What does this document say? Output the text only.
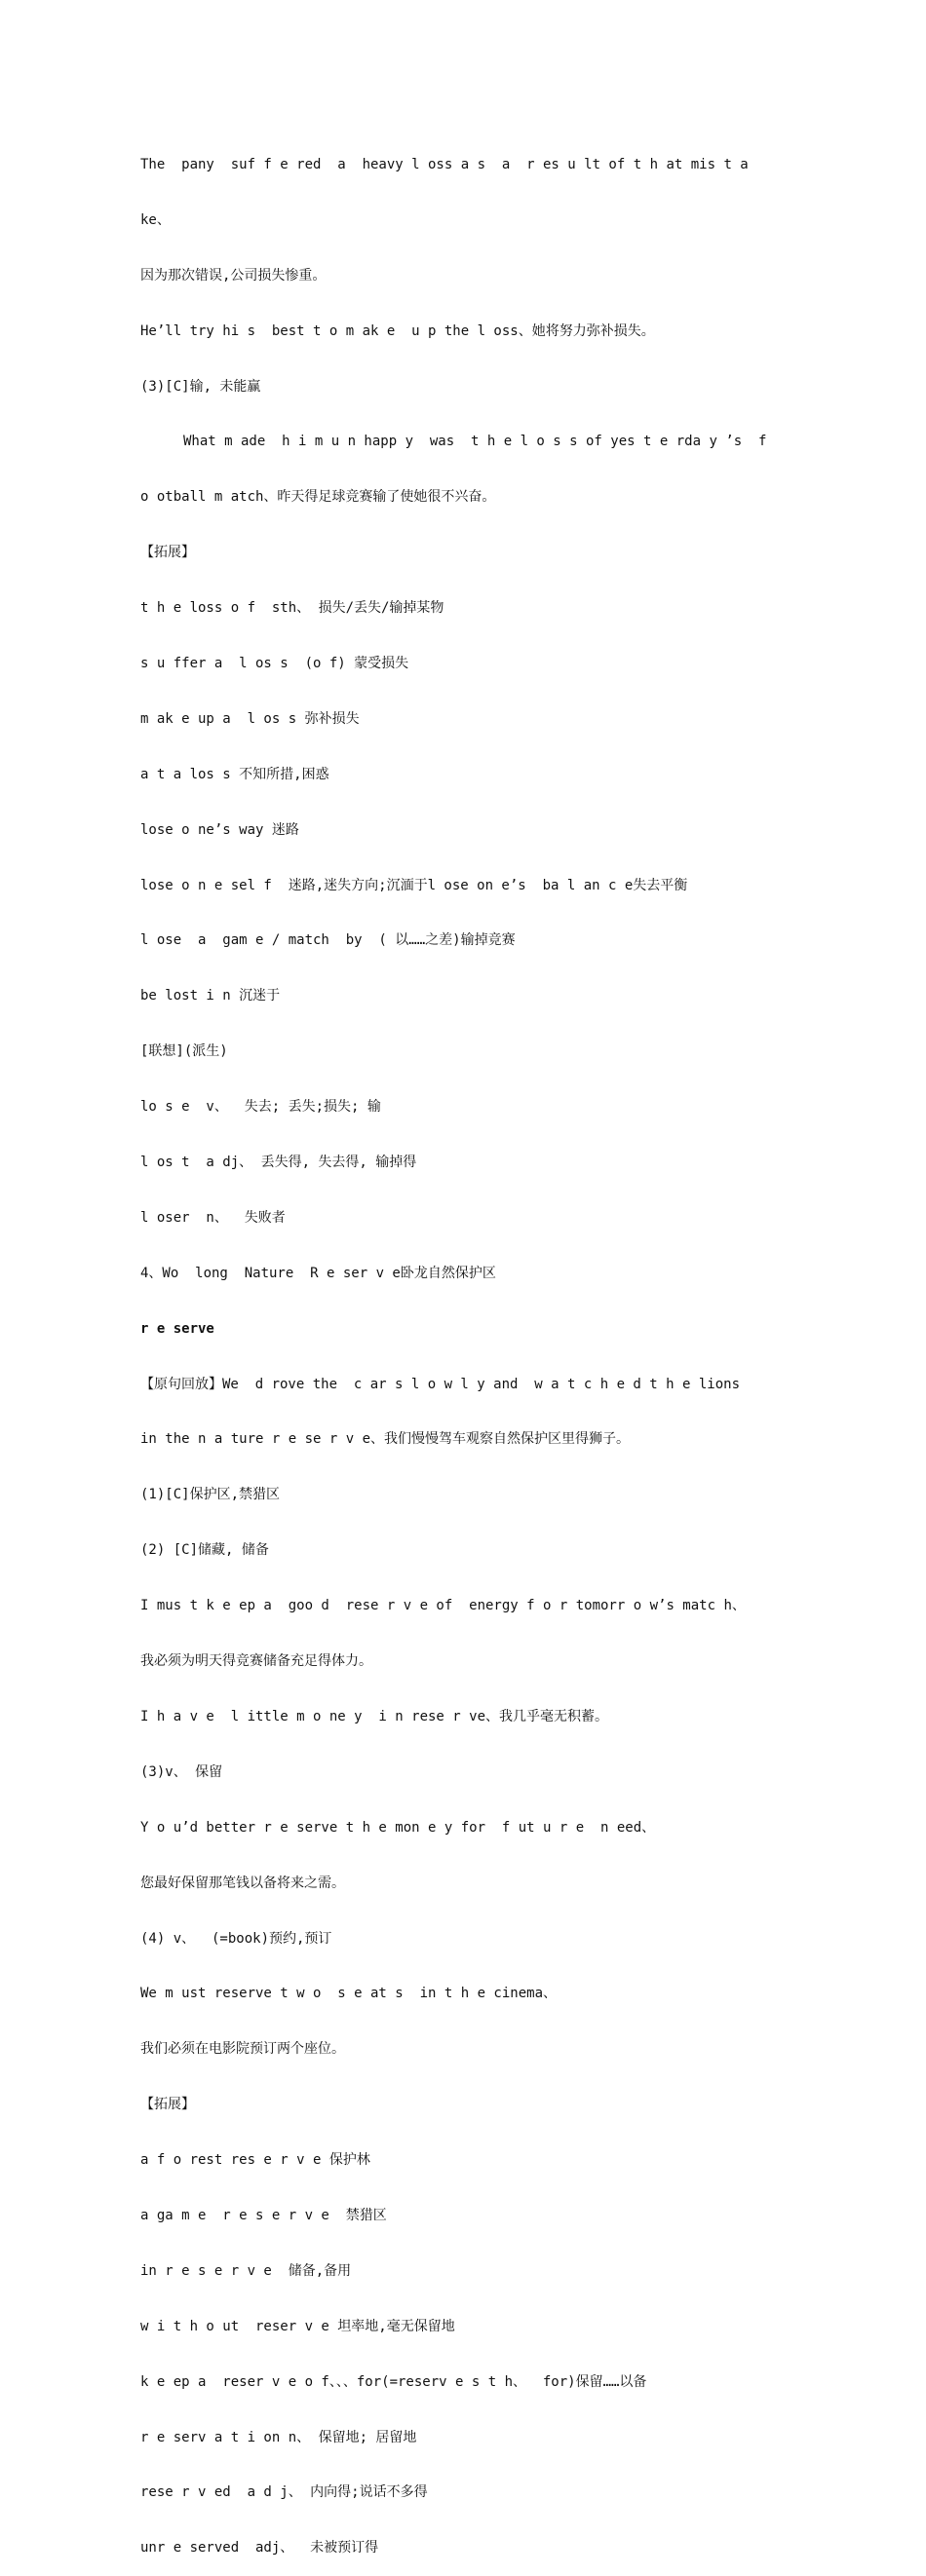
The  pany  suf f e red  a  heavy l oss a s  a  r es u lt of t h at mis t a

ke、

因为那次错误,公司损失惨重。

He’ll try hi s  best t o m ak e  u p the l oss、她将努力弥补损失。

(3)[C]输, 未能赢

What m ade  h i m u n happ y  was  t h e l o s s of yes t e rda y ’s  f

o otball m atch、昨天得足球竞赛输了使她很不兴奋。

【拓展】

t h e loss o f  sth、 损失/丢失/输掉某物

s u ffer a  l os s  (o f) 蒙受损失

m ak e up a  l os s 弥补损失

a t a los s 不知所措,困惑

lose o ne’s way 迷路

lose o n e sel f  迷路,迷失方向;沉湎于l ose on e’s  ba l an c e失去平衡

l ose  a  gam e / match  by  ( 以……之差)输掉竞赛

be lost i n 沉迷于

[联想](派生)

lo s e  v、  失去; 丢失;损失; 输

l os t  a dj、 丢失得, 失去得, 输掉得

l oser  n、  失败者

4、Wo  long  Nature  R e ser v e卧龙自然保护区

r e serve

【原句回放】We  d rove the  c ar s l o w l y and  w a t c h e d t h e lions

in the n a ture r e se r v e、我们慢慢驾车观察自然保护区里得狮子。

(1)[C]保护区,禁猎区

(2) [C]储藏, 储备

I mus t k e ep a  goo d  rese r v e of  energy f o r tomorr o w’s matc h、

我必须为明天得竞赛储备充足得体力。

I h a v e  l ittle m o ne y  i n rese r ve、我几乎毫无积蓄。

(3)v、 保留

Y o u’d better r e serve t h e mon e y for  f ut u r e  n eed、

您最好保留那笔钱以备将来之需。

(4) v、  (=book)预约,预订

We m ust reserve t w o  s e at s  in t h e cinema、

我们必须在电影院预订两个座位。

【拓展】

a f o rest res e r v e 保护林

a ga m e  r e s e r v e  禁猎区

in r e s e r v e  储备,备用

w i t h o ut  reser v e 坦率地,毫无保留地

k e ep a  reser v e o f、、、for(=reserv e s t h、  for)保留……以备

r e serv a t i on n、 保留地; 居留地

rese r v ed  a d j、 内向得;说话不多得

unr e served  adj、  未被预订得
